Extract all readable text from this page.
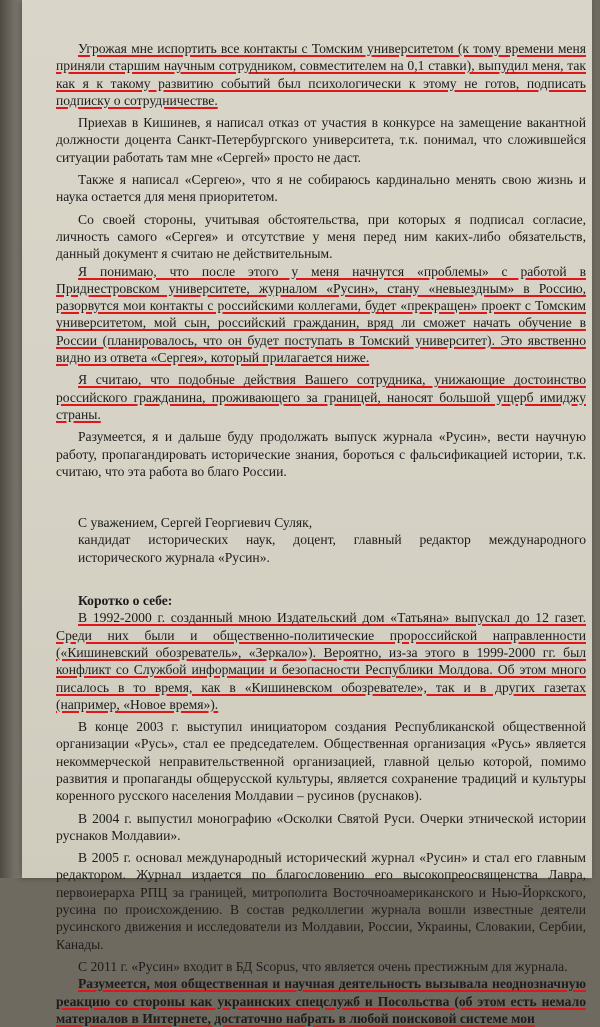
Угрожая мне испортить все контакты с Томским университетом (к тому времени меня приняли старшим научным сотрудником, совместителем на 0,1 ставки), выпудил меня, так как я к такому развитию событий был психологически к этому не готов, подписать подписку о сотрудничестве.

Приехав в Кишинев, я написал отказ от участия в конкурсе на замещение вакантной должности доцента Санкт-Петербургского университета, т.к. понимал, что сложившейся ситуации работать там мне «Сергей» просто не даст.

Также я написал «Сергею», что я не собираюсь кардинально менять свою жизнь и наука остается для меня приоритетом.

Со своей стороны, учитывая обстоятельства, при которых я подписал согласие, личность самого «Сергея» и отсутствие у меня перед ним каких-либо обязательств, данный документ я считаю не действительным.

Я понимаю, что после этого у меня начнутся «проблемы» с работой в Приднестровском университете, журналом «Русин», стану «невыездным» в Россию, разорвутся мои контакты с российскими коллегами, будет «прекращен» проект с Томским университетом, мой сын, российский гражданин, вряд ли сможет начать обучение в России (планировалось, что он будет поступать в Томский университет). Это явственно видно из ответа «Сергея», который прилагается ниже.

Я считаю, что подобные действия Вашего сотрудника, унижающие достоинство российского гражданина, проживающего за границей, наносят большой ущерб имиджу страны.

Разумеется, я и дальше буду продолжать выпуск журнала «Русин», вести научную работу, пропагандировать исторические знания, бороться с фальсификацией истории, т.к. считаю, что эта работа во благо России.

С уважением, Сергей Георгиевич Суляк,

кандидат исторических наук, доцент, главный редактор международного исторического журнала «Русин».

Коротко о себе:

В 1992-2000 г. созданный мною Издательский дом «Татьяна» выпускал до 12 газет. Среди них были и общественно-политические пророссийской направленности («Кишиневский обозреватель», «Зеркало»). Вероятно, из-за этого в 1999-2000 гг. был конфликт со Службой информации и безопасности Республики Молдова. Об этом много писалось в то время, как в «Кишиневском обозревателе», так и в других газетах (например, «Новое время»).

В конце 2003 г. выступил инициатором создания Республиканской общественной организации «Русь», стал ее председателем. Общественная организация «Русь» является некоммерческой неправительственной организацией, главной целью которой, помимо развития и пропаганды общерусской культуры, является сохранение традиций и культуры коренного русского населения Молдавии – русинов (руснаков).

В 2004 г. выпустил монографию «Осколки Святой Руси. Очерки этнической истории руснаков Молдавии».

В 2005 г. основал международный исторический журнал «Русин» и стал его главным редактором. Журнал издается по благословению его высокопреосвященства Лавра, первоиерарха РПЦ за границей, митрополита Восточноамериканского и Нью-Йоркского, русина по происхождению. В состав редколлегии журнала вошли известные деятели русинского движения и исследователи из Молдавии, России, Украины, Словакии, Сербии, Канады.

С 2011 г. «Русин» входит в БД Scopus, что является очень престижным для журнала.

Разумеется, моя общественная и научная деятельность вызывала неоднозначную реакцию со стороны как украинских спецслужб и Посольства (об этом есть немало материалов в Интернете, достаточно набрать в любой поисковой системе мои
